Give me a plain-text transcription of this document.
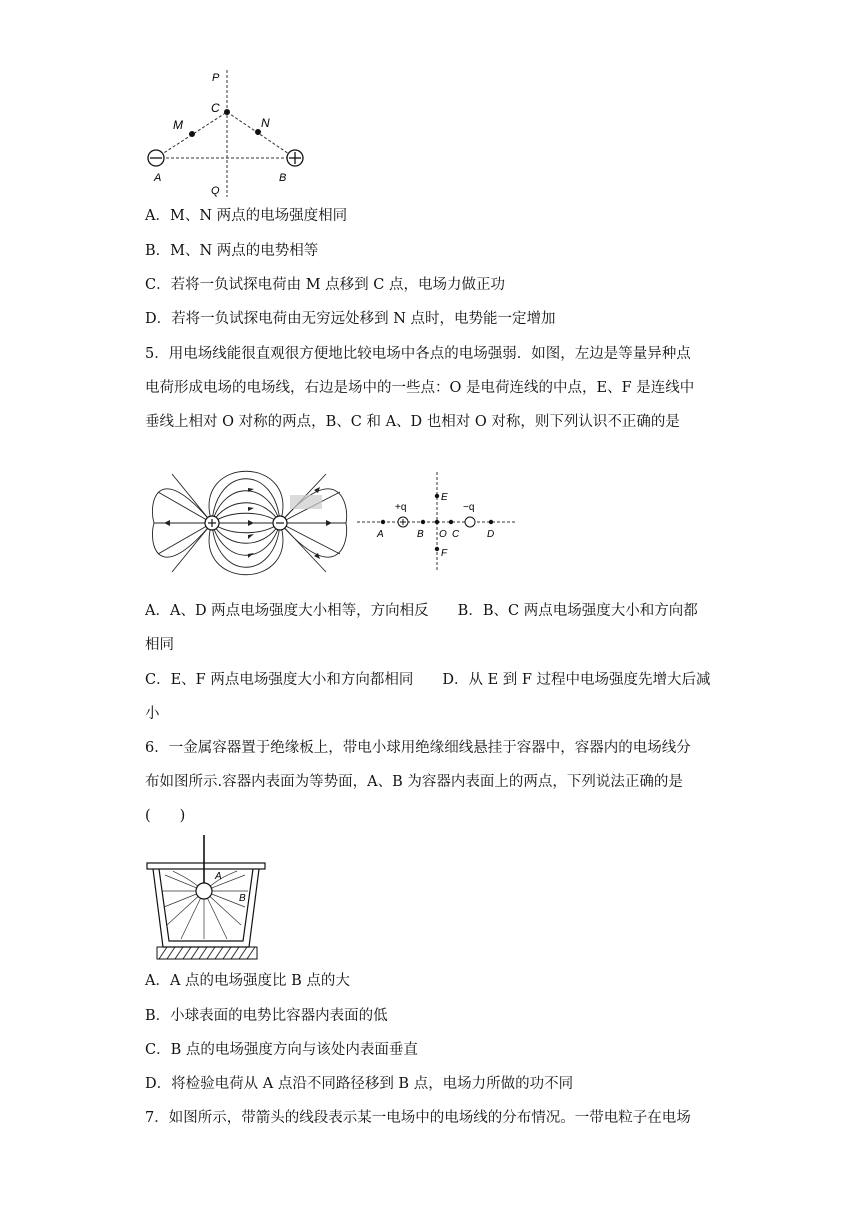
P
C
M	N
A
Q
B
A．M、N 两点的电场强度相同
B．M、N 两点的电势相等
C．若将一负试探电荷由 M 点移到 C 点，电场力做正功
D．若将一负试探电荷由无穷远处移到 N 点时，电势能一定增加
5．用电场线能很直观很方便地比较电场中各点的电场强弱．如图，左边是等量异种点
电荷形成电场的电场线，右边是场中的一些点：O 是电荷连线的中点，E、F 是连线中
垂线上相对 O 对称的两点，B、C 和 A、D 也相对 O 对称，则下列认识不正确的是
+q	−q
A	B O C	D
E
F
A．A、D 两点电场强度大小相等，方向相反　　B．B、C 两点电场强度大小和方向都
相同
C．E、F 两点电场强度大小和方向都相同　　D．从 E 到 F 过程中电场强度先增大后减
小
6．一金属容器置于绝缘板上，带电小球用绝缘细线悬挂于容器中，容器内的电场线分
布如图所示.容器内表面为等势面，A、B 为容器内表面上的两点，下列说法正确的是
(　　)
A
B
A．A 点的电场强度比 B 点的大
B．小球表面的电势比容器内表面的低
C．B 点的电场强度方向与该处内表面垂直
D．将检验电荷从 A 点沿不同路径移到 B 点，电场力所做的功不同
7．如图所示，带箭头的线段表示某一电场中的电场线的分布情况。一带电粒子在电场
